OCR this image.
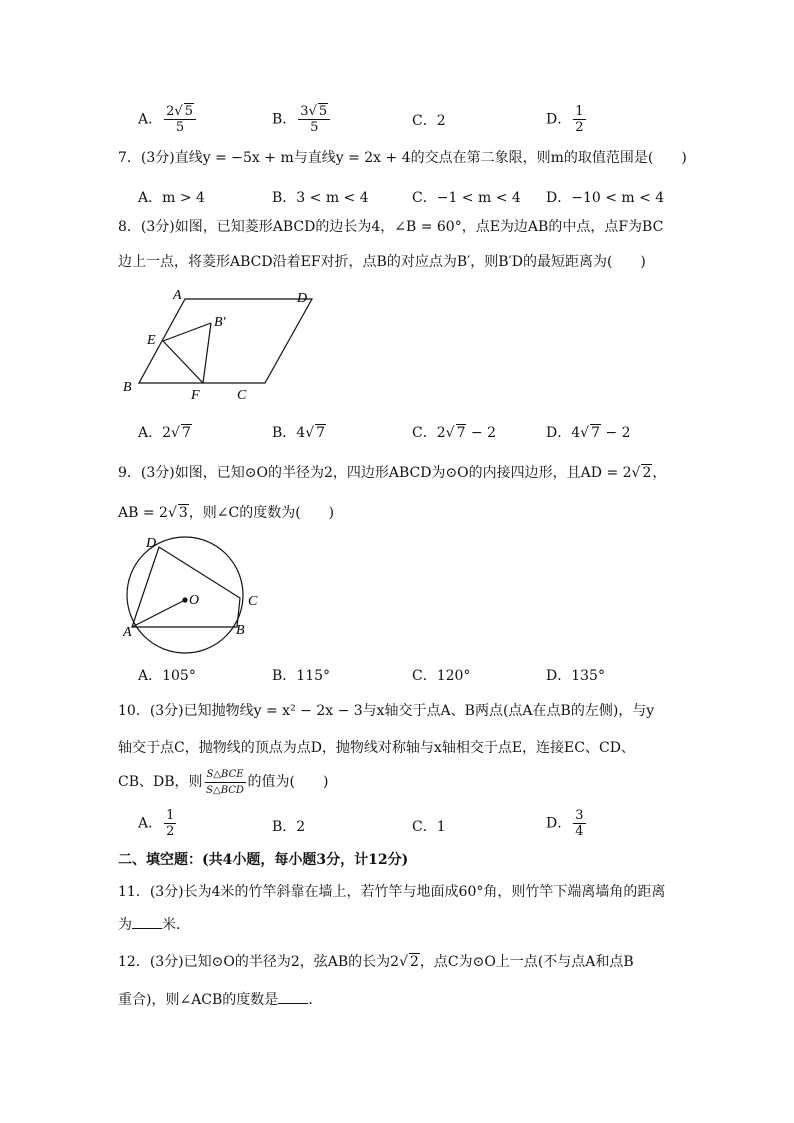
A． $\frac{2√ 5}{5}$	B． $\frac{3√ 5}{5}$	C．2	D． $\frac{1}{2}$
7．(3分)直线y = −5x + m与直线y = 2x + 4的交点在第二象限，则m的取值范围是(　　)
A．m > 4	B．3 < m < 4	C．−1 < m < 4 D．−10 < m < 4
8．(3分)如图，已知菱形ABCD的边长为4，∠B = 60°，点E为边AB的中点，点F为BC
边上一点，将菱形ABCD沿着EF对折，点B的对应点为B′，则B′D的最短距离为(　　)
A	D
B′
E
B
F	C
A．2√ 7	B．4√ 7	C．2√ 7 − 2	D．4√ 7 − 2
9．(3分)如图，已知⊙O的半径为2，四边形ABCD为⊙O的内接四边形，且AD = 2√ 2，
AB = 2√ 3，则∠C的度数为(　　)
D
O	C
A	B
A．105°	B．115°	C．120°	D．135°
10．(3分)已知抛物线y = x² − 2x − 3与x轴交于点A、B两点(点A在点B的左侧)，与y
轴交于点C，抛物线的顶点为点D，抛物线对称轴与x轴相交于点E，连接EC、CD、
CB、DB，则 $\frac{\text{S△BCE}}{\text{S△BCD}}$ 的值为(　　)
A． $\frac{1}{2}$	B．2	C．1	D． $\frac{3}{4}$
二、填空题：(共4小题，每小题3分，计12分)
11．(3分)长为4米的竹竿斜靠在墙上，若竹竿与地面成60°角，则竹竿下端离墙角的距离
为 米．
12．(3分)已知⊙O的半径为2，弦AB的长为2√ 2，点C为⊙O上一点(不与点A和点B
重合)，则∠ACB的度数是 ．
